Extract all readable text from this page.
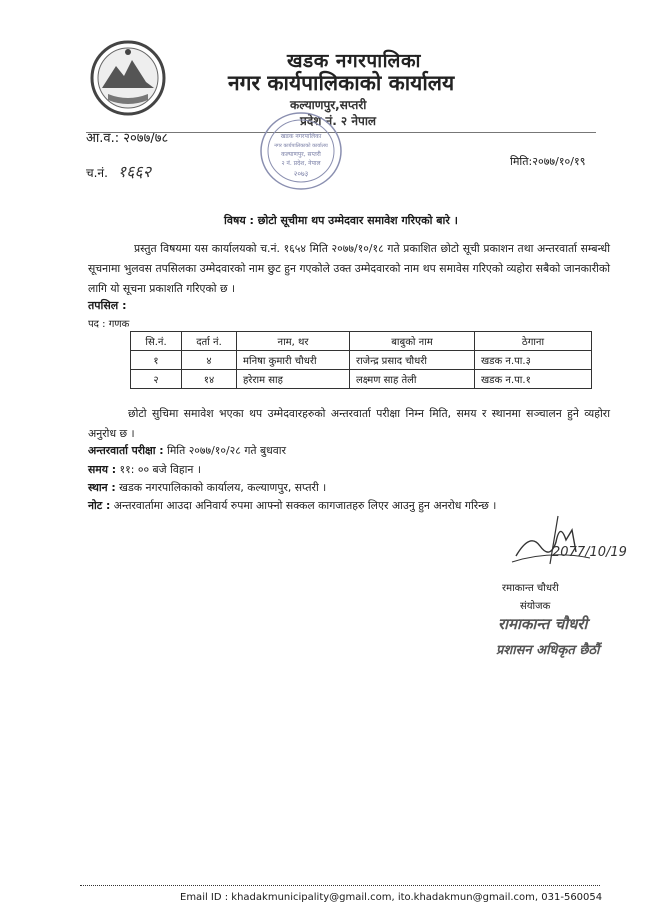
खडक नगरपालिका
नगर कार्यपालिकाको कार्यालय
कल्याणपुर,सप्तरी
प्रदेश नं. २ नेपाल
आ.व.: २०७७/७८
च.नं. १६६२
मिति:२०७७/१०/१९
खडक नगरपालिका
नगर कार्यपालिकाको कार्यालय
कल्याणपुर, सप्तरी
२ नं. प्रदेश, नेपाल
२०७३
विषय : छोटो सूचीमा थप उम्मेदवार समावेश गरिएको बारे ।
प्रस्तुत विषयमा यस कार्यालयको च.नं. १६५४ मिति २०७७/१०/१८ गते प्रकाशित छोटो सूची प्रकाशन तथा अन्तरवार्ता सम्बन्धी सूचनामा भुलवस तपसिलका उम्मेदवारको नाम छुट हुन गएकोले उक्त उम्मेदवारको नाम थप समावेस गरिएको व्यहोरा सबैको जानकारीको लागि यो सूचना प्रकाशति गरिएको छ ।
तपसिल :
पद : गणक
सि.नं.	दर्ता नं.	नाम, थर	बाबुको नाम	ठेगाना
१	४	मनिषा कुमारी चौधरी	राजेन्द्र प्रसाद चौधरी	खडक न.पा.३
२	१४	हरेराम साह	लक्ष्मण साह तेली	खडक न.पा.१
छोटो सुचिमा समावेश भएका थप उम्मेदवारहरुको अन्तरवार्ता परीक्षा निम्न मिति, समय र स्थानमा सञ्चालन हुने व्यहोरा अनुरोध छ ।
अन्तरवार्ता परीक्षा : मिति २०७७/१०/२८ गते बुधवार
समय : ११: ०० बजे विहान ।
स्थान : खडक नगरपालिकाको कार्यालय, कल्याणपुर, सप्तरी ।
नोट : अन्तरवार्तामा आउदा अनिवार्य रुपमा आफ्नो सक्कल कागजातहरु लिएर आउनु हुन अनरोध गरिन्छ ।
2077/10/19
रमाकान्त चौधरी
संयोजक
रामाकान्त चौधरी
प्रशासन अधिकृत छैठौं
Email ID : khadakmunicipality@gmail.com, ito.khadakmun@gmail.com, 031-560054
